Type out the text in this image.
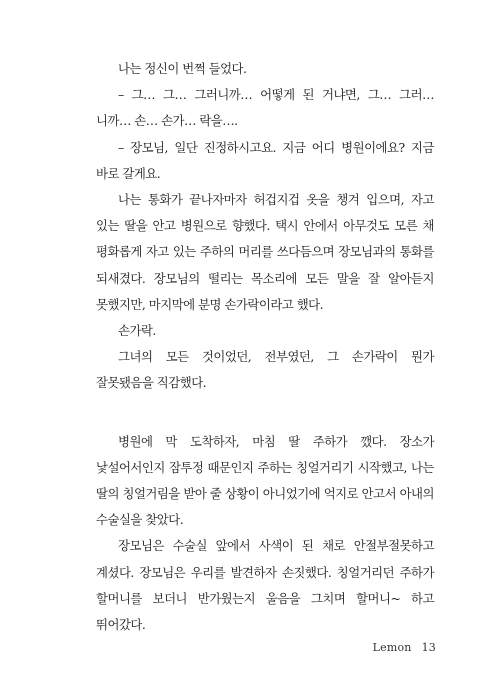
나는 정신이 번쩍 들었다.

– 그… 그… 그러니까… 어떻게 된 거냐면, 그… 그러… 니까… 손… 손가… 락을….

– 장모님, 일단 진정하시고요. 지금 어디 병원이에요? 지금 바로 갈게요.

나는 통화가 끝나자마자 허겁지겁 옷을 챙겨 입으며, 자고 있는 딸을 안고 병원으로 향했다. 택시 안에서 아무것도 모른 채 평화롭게 자고 있는 주하의 머리를 쓰다듬으며 장모님과의 통화를 되새겼다. 장모님의 떨리는 목소리에 모든 말을 잘 알아듣지 못했지만, 마지막에 분명 손가락이라고 했다.

손가락.

그녀의 모든 것이었던, 전부였던, 그 손가락이 뭔가 잘못됐음을 직감했다.

병원에 막 도착하자, 마침 딸 주하가 깼다. 장소가 낯설어서인지 잠투정 때문인지 주하는 칭얼거리기 시작했고, 나는 딸의 칭얼거림을 받아 줄 상황이 아니었기에 억지로 안고서 아내의 수술실을 찾았다.

장모님은 수술실 앞에서 사색이 된 채로 안절부절못하고 계셨다. 장모님은 우리를 발견하자 손짓했다. 칭얼거리던 주하가 할머니를 보더니 반가웠는지 울음을 그치며 할머니~ 하고 뛰어갔다.

Lemon 13
